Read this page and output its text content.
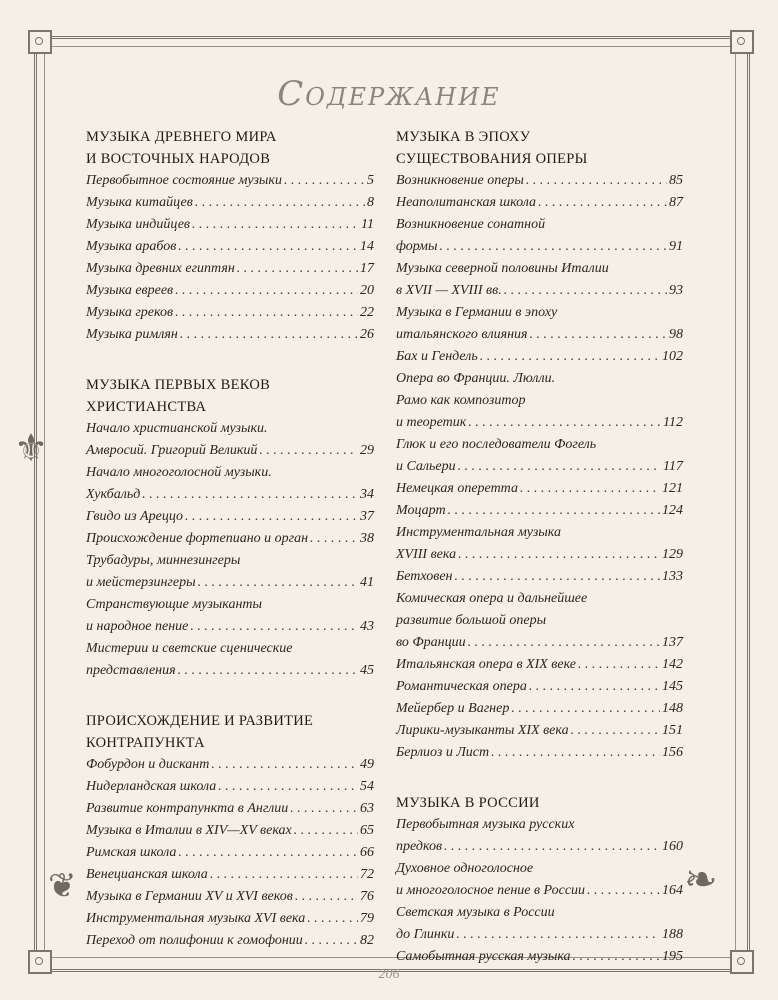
⚜
❦	❧
Содержание
МУЗЫКА ДРЕВНЕГО МИРА
И ВОСТОЧНЫХ НАРОДОВ
Первобытное состояние музыки . . .	5
Музыка китайцев . . .	8
Музыка индийцев . . .	11
Музыка арабов . . .	14
Музыка древних египтян . . .	17
Музыка евреев . . .	20
Музыка греков . . .	22
Музыка римлян . . .	26
МУЗЫКА ПЕРВЫХ ВЕКОВ
ХРИСТИАНСТВА
Начало христианской музыки.
Амвросий. Григорий Великий . . .	29
Начало многоголосной музыки.
Хукбальд . . .	34
Гвидо из Ареццо . . .	37
Происхождение фортепиано и орган . . .	38
Трубадуры, миннезингеры
и мейстерзингеры . . .	41
Странствующие музыканты
и народное пение . . .	43
Мистерии и светские сценические
представления . . .	45
ПРОИСХОЖДЕНИЕ И РАЗВИТИЕ
КОНТРАПУНКТА
Фобурдон и дискант . . .	49
Нидерландская школа . . .	54
Развитие контрапункта в Англии . . .	63
Музыка в Италии в XIV—XV веках . . .	65
Римская школа . . .	66
Венецианская школа . . .	72
Музыка в Германии XV и XVI веков . . .	76
Инструментальная музыка XVI века . . .	79
Переход от полифонии к гомофонии . . .	82
МУЗЫКА В ЭПОХУ
СУЩЕСТВОВАНИЯ ОПЕРЫ
Возникновение оперы . . .	85
Неаполитанская школа . . .	87
Возникновение сонатной
формы . . .	91
Музыка северной половины Италии
в XVII — XVIII вв. . . .	93
Музыка в Германии в эпоху
итальянского влияния . . .	98
Бах и Гендель . . .	102
Опера во Франции. Люлли.
Рамо как композитор
и теоретик . . .	112
Глюк и его последователи Фогель
и Сальери . . .	117
Немецкая оперетта . . .	121
Моцарт . . .	124
Инструментальная музыка
XVIII века . . .	129
Бетховен . . .	133
Комическая опера и дальнейшее
развитие большой оперы
во Франции . . .	137
Итальянская опера в XIX веке . . .	142
Романтическая опера . . .	145
Мейербер и Вагнер . . .	148
Лирики-музыканты XIX века . . .	151
Берлиоз и Лист . . .	156
МУЗЫКА В РОССИИ
Первобытная музыка русских
предков . . .	160
Духовное одноголосное
и многоголосное пение в России . . .	164
Светская музыка в России
до Глинки . . .	188
Самобытная русская музыка . . .	195
206
